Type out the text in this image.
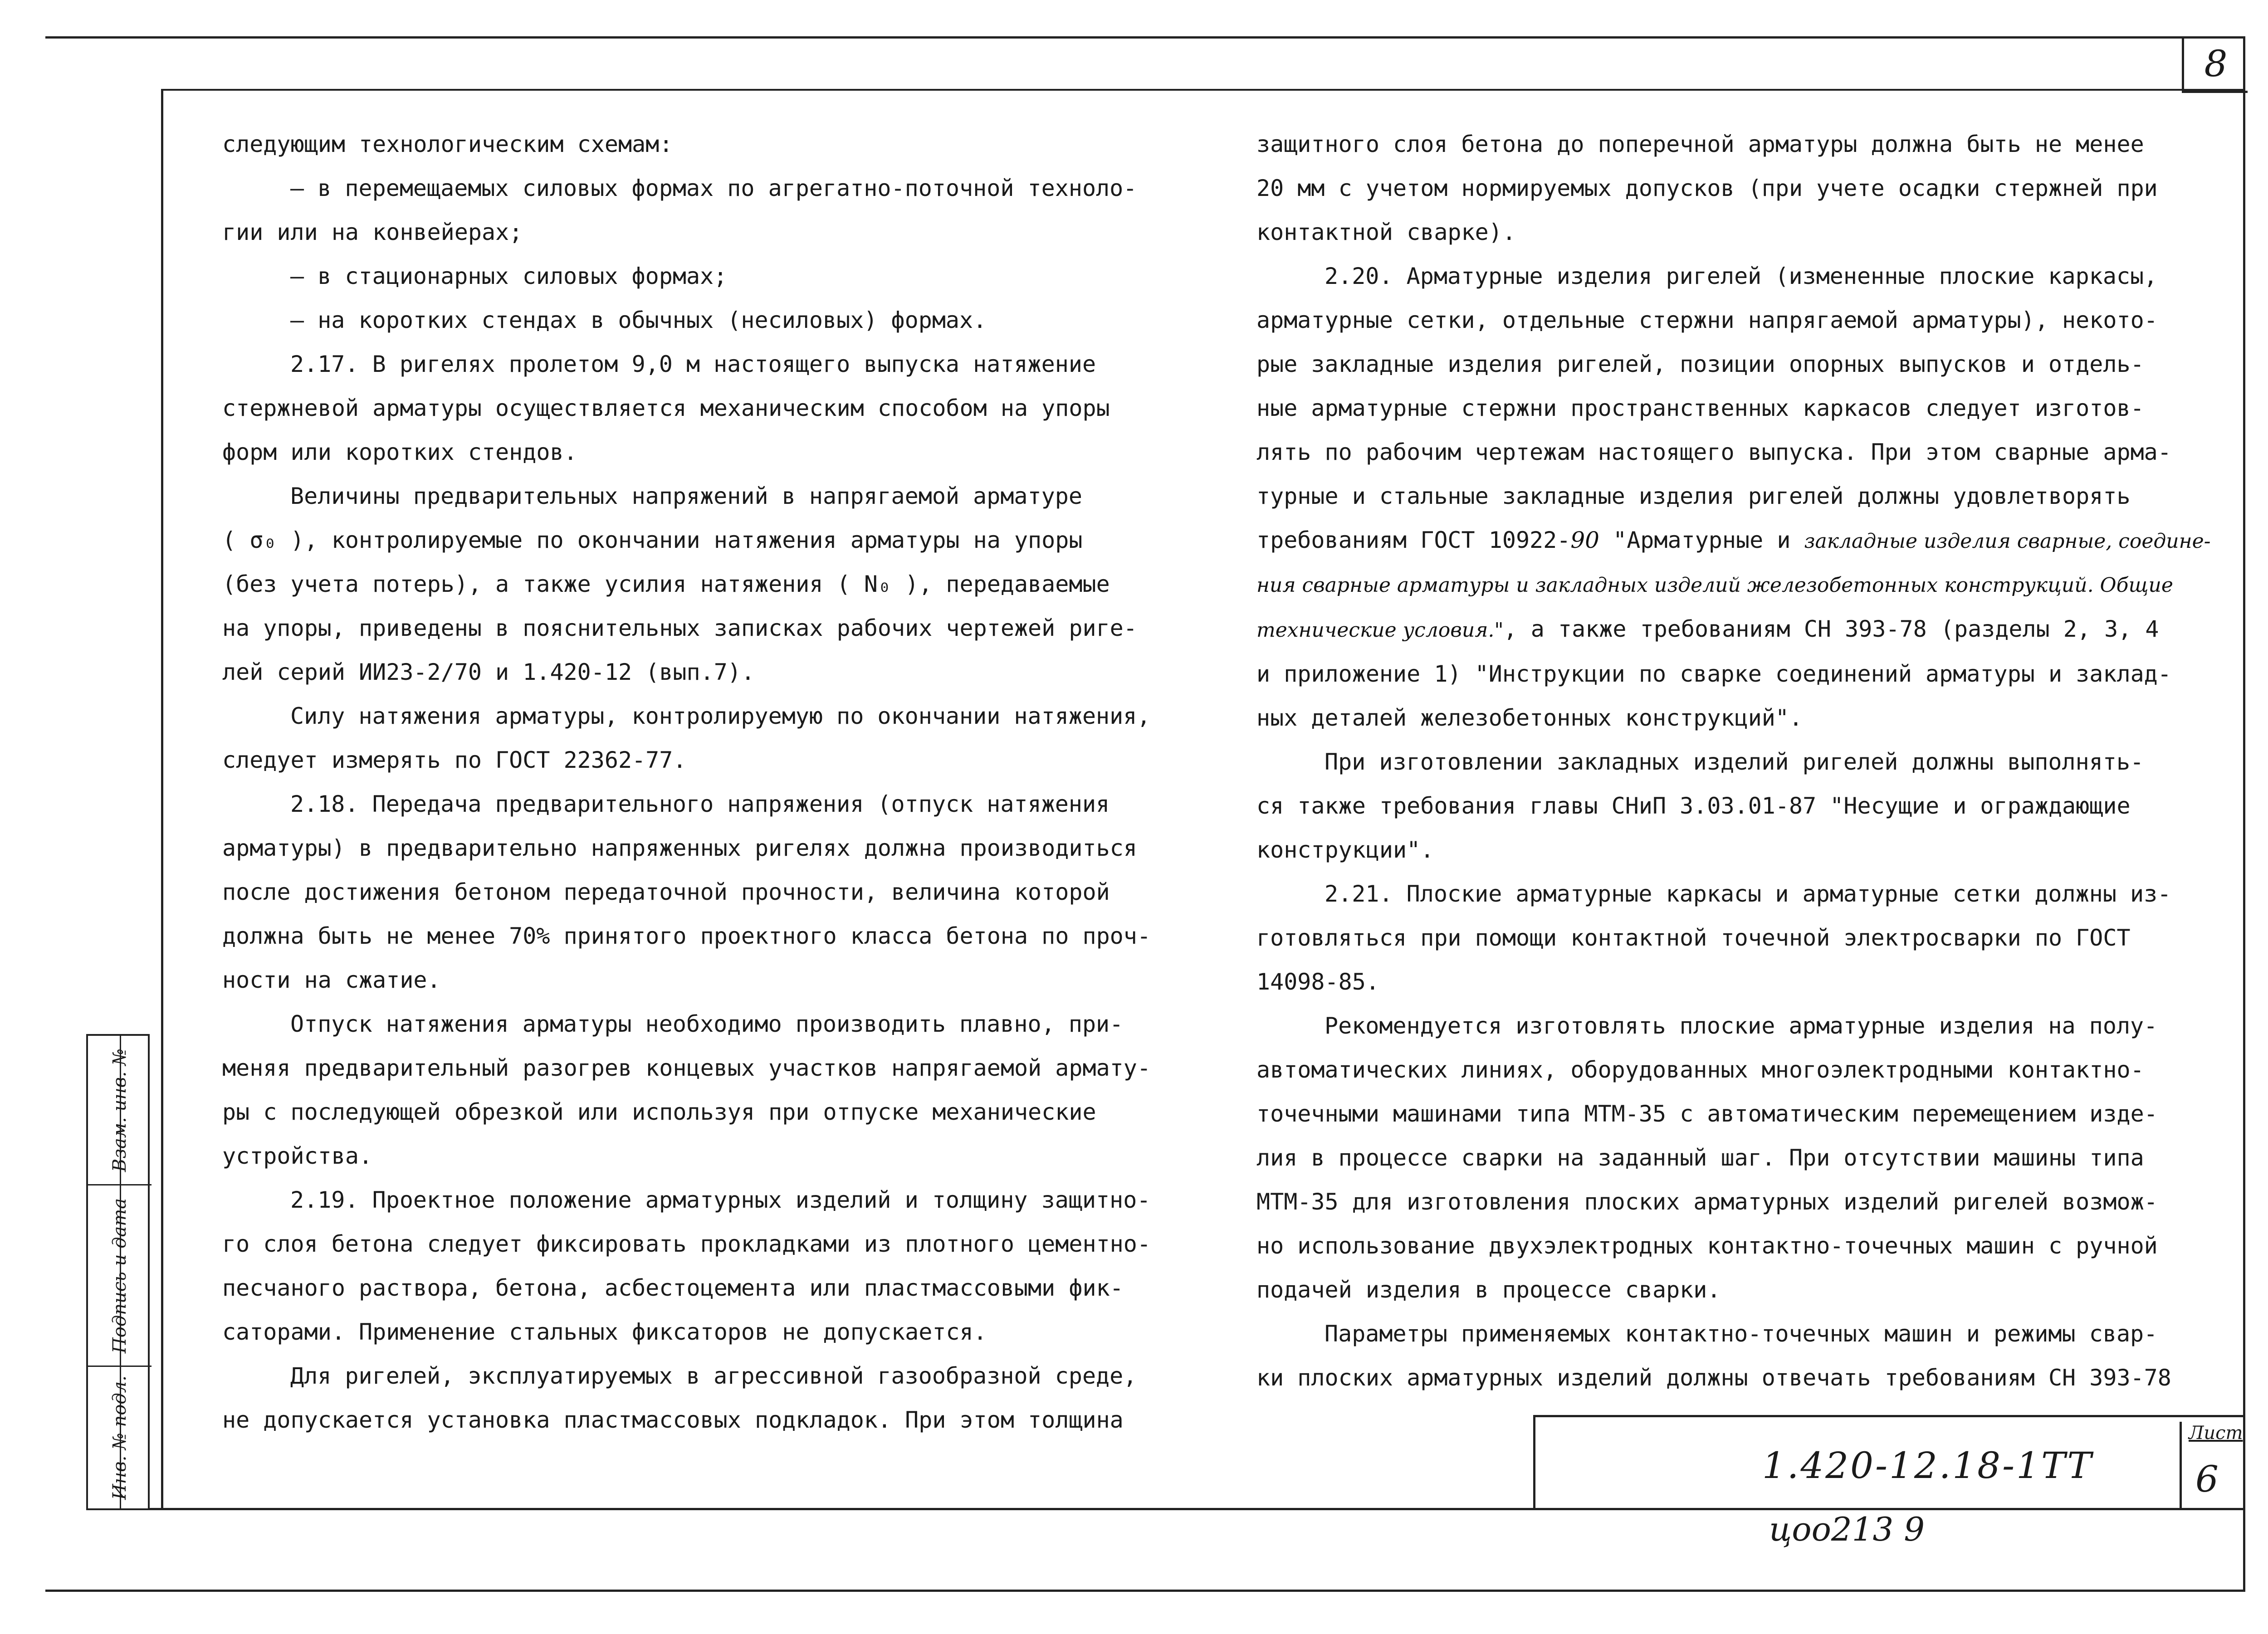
8

следующим технологическим схемам:

– в перемещаемых силовых формах по агрегатно-поточной техноло-

гии или на конвейерах;

– в стационарных силовых формах;

– на коротких стендах в обычных (несиловых) формах.

2.17. В ригелях пролетом 9,0 м настоящего выпуска натяжение

стержневой арматуры осуществляется механическим способом на упоры

форм или коротких стендов.

Величины предварительных напряжений в напрягаемой арматуре

( σ₀ ), контролируемые по окончании натяжения арматуры на упоры

(без учета потерь), а также усилия натяжения ( N₀ ), передаваемые

на упоры, приведены в пояснительных записках рабочих чертежей риге-

лей серий ИИ23-2/70 и 1.420-12 (вып.7).

Силу натяжения арматуры, контролируемую по окончании натяжения,

следует измерять по ГОСТ 22362-77.

2.18. Передача предварительного напряжения (отпуск натяжения

арматуры) в предварительно напряженных ригелях должна производиться

после достижения бетоном передаточной прочности, величина которой

должна быть не менее 70% принятого проектного класса бетона по проч-

ности на сжатие.

Отпуск натяжения арматуры необходимо производить плавно, при-

меняя предварительный разогрев концевых участков напрягаемой армату-

ры с последующей обрезкой или используя при отпуске механические

устройства.

2.19. Проектное положение арматурных изделий и толщину защитно-

го слоя бетона следует фиксировать прокладками из плотного цементно-

песчаного раствора, бетона, асбестоцемента или пластмассовыми фик-

саторами. Применение стальных фиксаторов не допускается.

Для ригелей, эксплуатируемых в агрессивной газообразной среде,

не допускается установка пластмассовых подкладок. При этом толщина

защитного слоя бетона до поперечной арматуры должна быть не менее

20 мм с учетом нормируемых допусков (при учете осадки стержней при

контактной сварке).

2.20. Арматурные изделия ригелей (измененные плоские каркасы,

арматурные сетки, отдельные стержни напрягаемой арматуры), некото-

рые закладные изделия ригелей, позиции опорных выпусков и отдель-

ные арматурные стержни пространственных каркасов следует изготов-

лять по рабочим чертежам настоящего выпуска. При этом сварные арма-

турные и стальные закладные изделия ригелей должны удовлетворять

требованиям ГОСТ 10922-90 "Арматурные и закладные изделия сварные, соедине-

ния сварные арматуры и закладных изделий железобетонных конструкций. Общие

технические условия.", а также требованиям СН 393-78 (разделы 2, 3, 4

и приложение 1) "Инструкции по сварке соединений арматуры и заклад-

ных деталей железобетонных конструкций".

При изготовлении закладных изделий ригелей должны выполнять-

ся также требования главы СНиП 3.03.01-87 "Несущие и ограждающие

конструкции".

2.21. Плоские арматурные каркасы и арматурные сетки должны из-

готовляться при помощи контактной точечной электросварки по ГОСТ

14098-85.

Рекомендуется изготовлять плоские арматурные изделия на полу-

автоматических линиях, оборудованных многоэлектродными контактно-

точечными машинами типа МТМ-35 с автоматическим перемещением изде-

лия в процессе сварки на заданный шаг. При отсутствии машины типа

МТМ-35 для изготовления плоских арматурных изделий ригелей возмож-

но использование двухэлектродных контактно-точечных машин с ручной

подачей изделия в процессе сварки.

Параметры применяемых контактно-точечных машин и режимы свар-

ки плоских арматурных изделий должны отвечать требованиям СН 393-78

Взам. инв. №
Подпись и дата
Инв. № подл.	1.420-12.18-1ТТ
Лист
6
цоо213 9
